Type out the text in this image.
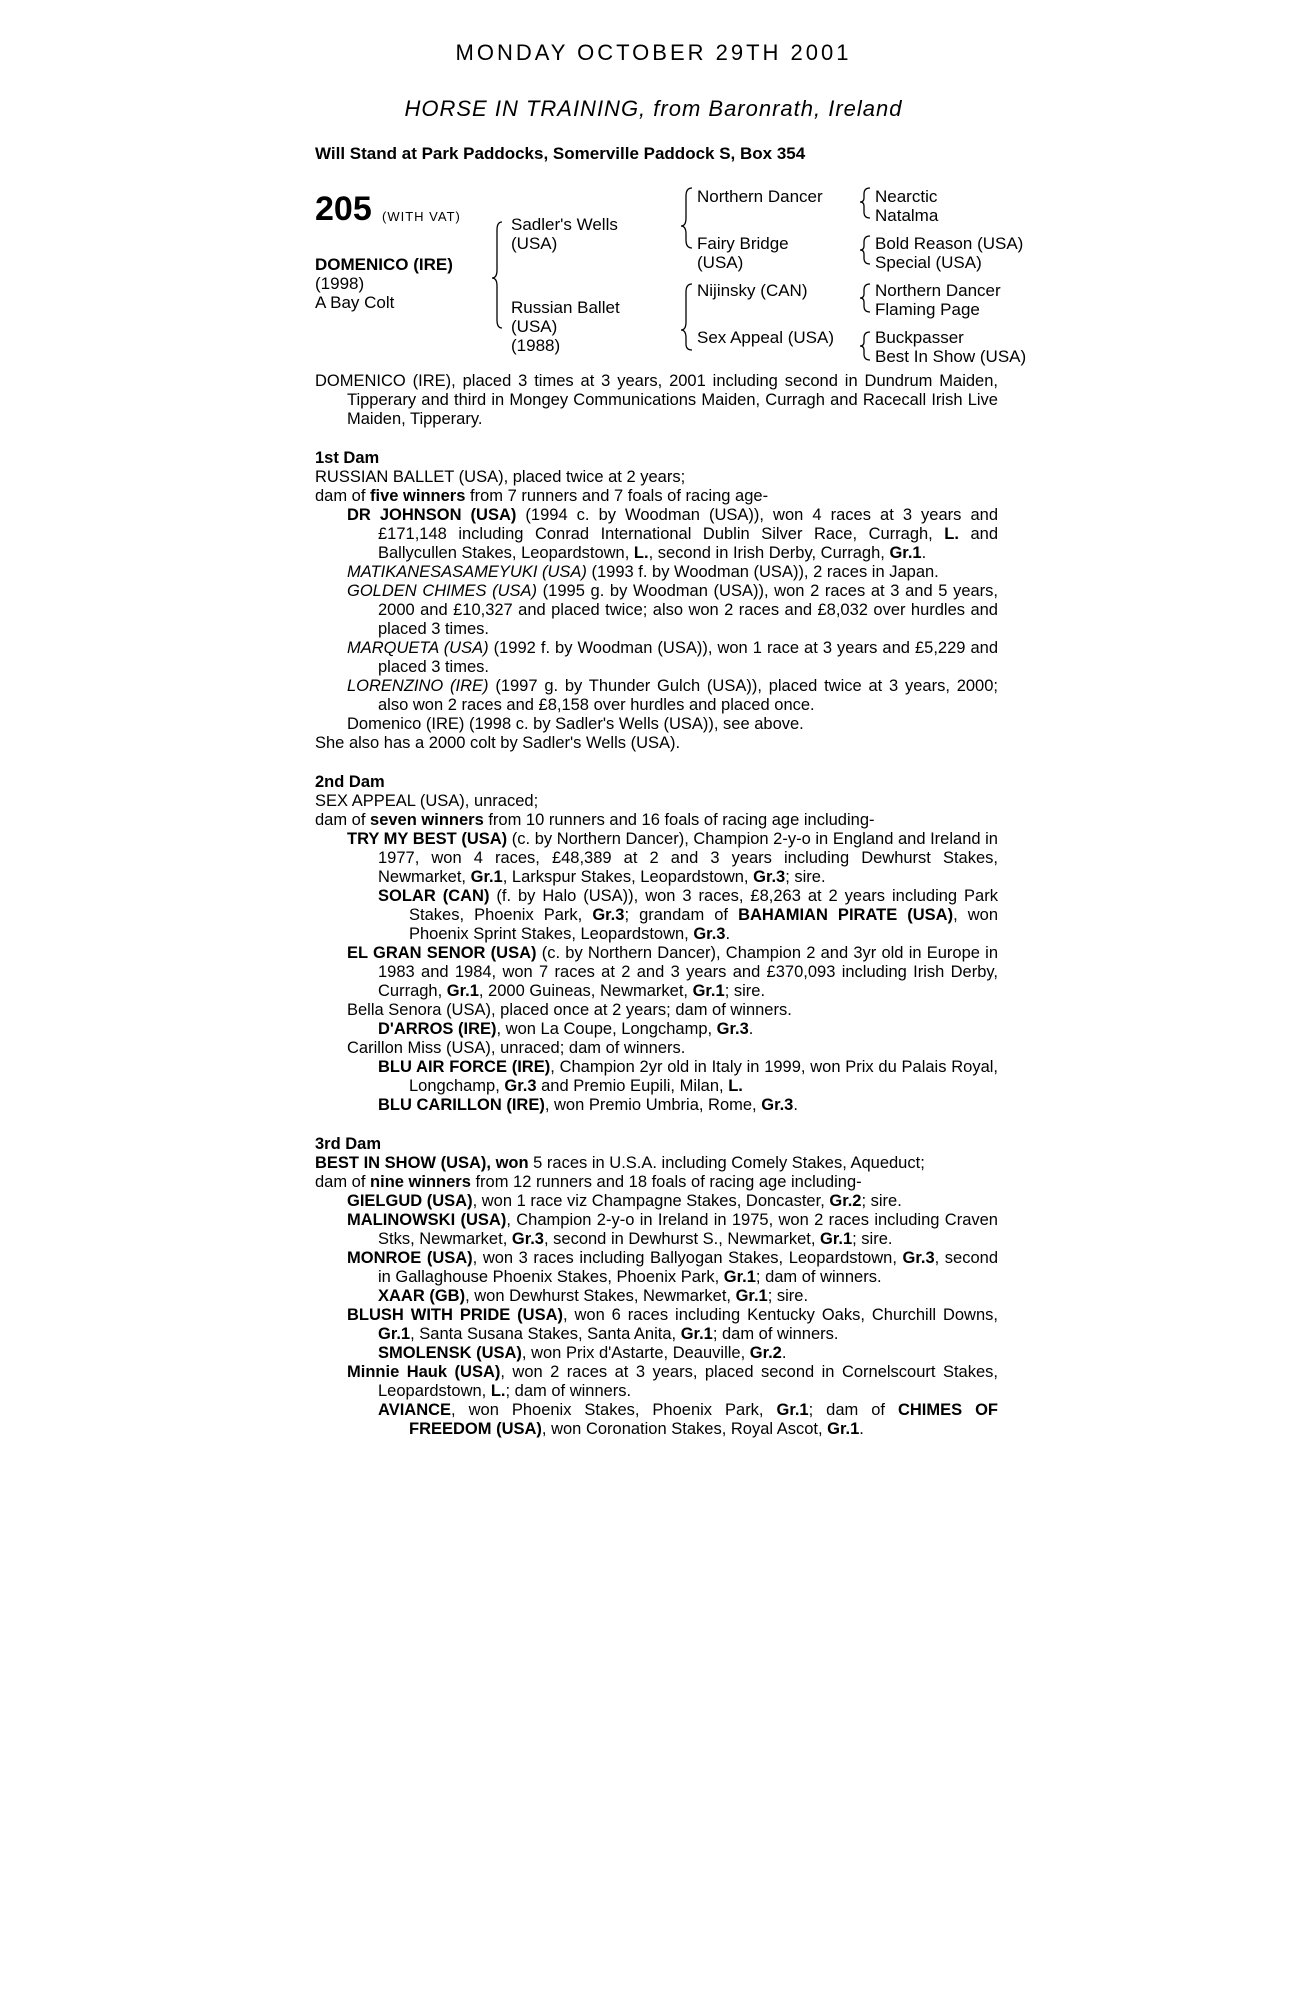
MONDAY OCTOBER 29TH 2001
HORSE IN TRAINING, from Baronrath, Ireland
Will Stand at Park Paddocks, Somerville Paddock S, Box 354
205 (WITH VAT)
DOMENICO (IRE)
(1998)
A Bay Colt
Sadler's Wells
(USA)
Russian Ballet
(USA)
(1988)
Northern Dancer
Fairy Bridge
(USA)
Nijinsky (CAN)
Sex Appeal (USA)
Nearctic
Natalma
Bold Reason (USA)
Special (USA)
Northern Dancer
Flaming Page
Buckpasser
Best In Show (USA)

DOMENICO (IRE), placed 3 times at 3 years, 2001 including second in Dundrum Maiden, Tipperary and third in Mongey Communications Maiden, Curragh and Racecall Irish Live Maiden, Tipperary.

1st Dam

RUSSIAN BALLET (USA), placed twice at 2 years;

dam of five winners from 7 runners and 7 foals of racing age-

DR JOHNSON (USA) (1994 c. by Woodman (USA)), won 4 races at 3 years and £171,148 including Conrad International Dublin Silver Race, Curragh, L. and Ballycullen Stakes, Leopardstown, L., second in Irish Derby, Curragh, Gr.1.

MATIKANESASAMEYUKI (USA) (1993 f. by Woodman (USA)), 2 races in Japan.

GOLDEN CHIMES (USA) (1995 g. by Woodman (USA)), won 2 races at 3 and 5 years, 2000 and £10,327 and placed twice; also won 2 races and £8,032 over hurdles and placed 3 times.

MARQUETA (USA) (1992 f. by Woodman (USA)), won 1 race at 3 years and £5,229 and placed 3 times.

LORENZINO (IRE) (1997 g. by Thunder Gulch (USA)), placed twice at 3 years, 2000; also won 2 races and £8,158 over hurdles and placed once.

Domenico (IRE) (1998 c. by Sadler's Wells (USA)), see above.

She also has a 2000 colt by Sadler's Wells (USA).

2nd Dam

SEX APPEAL (USA), unraced;

dam of seven winners from 10 runners and 16 foals of racing age including-

TRY MY BEST (USA) (c. by Northern Dancer), Champion 2-y-o in England and Ireland in 1977, won 4 races, £48,389 at 2 and 3 years including Dewhurst Stakes, Newmarket, Gr.1, Larkspur Stakes, Leopardstown, Gr.3; sire.

SOLAR (CAN) (f. by Halo (USA)), won 3 races, £8,263 at 2 years including Park Stakes, Phoenix Park, Gr.3; grandam of BAHAMIAN PIRATE (USA), won Phoenix Sprint Stakes, Leopardstown, Gr.3.

EL GRAN SENOR (USA) (c. by Northern Dancer), Champion 2 and 3yr old in Europe in 1983 and 1984, won 7 races at 2 and 3 years and £370,093 including Irish Derby, Curragh, Gr.1, 2000 Guineas, Newmarket, Gr.1; sire.

Bella Senora (USA), placed once at 2 years; dam of winners.

D'ARROS (IRE), won La Coupe, Longchamp, Gr.3.

Carillon Miss (USA), unraced; dam of winners.

BLU AIR FORCE (IRE), Champion 2yr old in Italy in 1999, won Prix du Palais Royal, Longchamp, Gr.3 and Premio Eupili, Milan, L.

BLU CARILLON (IRE), won Premio Umbria, Rome, Gr.3.

3rd Dam

BEST IN SHOW (USA), won 5 races in U.S.A. including Comely Stakes, Aqueduct;

dam of nine winners from 12 runners and 18 foals of racing age including-

GIELGUD (USA), won 1 race viz Champagne Stakes, Doncaster, Gr.2; sire.

MALINOWSKI (USA), Champion 2-y-o in Ireland in 1975, won 2 races including Craven Stks, Newmarket, Gr.3, second in Dewhurst S., Newmarket, Gr.1; sire.

MONROE (USA), won 3 races including Ballyogan Stakes, Leopardstown, Gr.3, second in Gallaghouse Phoenix Stakes, Phoenix Park, Gr.1; dam of winners.

XAAR (GB), won Dewhurst Stakes, Newmarket, Gr.1; sire.

BLUSH WITH PRIDE (USA), won 6 races including Kentucky Oaks, Churchill Downs, Gr.1, Santa Susana Stakes, Santa Anita, Gr.1; dam of winners.

SMOLENSK (USA), won Prix d'Astarte, Deauville, Gr.2.

Minnie Hauk (USA), won 2 races at 3 years, placed second in Cornelscourt Stakes, Leopardstown, L.; dam of winners.

AVIANCE, won Phoenix Stakes, Phoenix Park, Gr.1; dam of CHIMES OF FREEDOM (USA), won Coronation Stakes, Royal Ascot, Gr.1.
